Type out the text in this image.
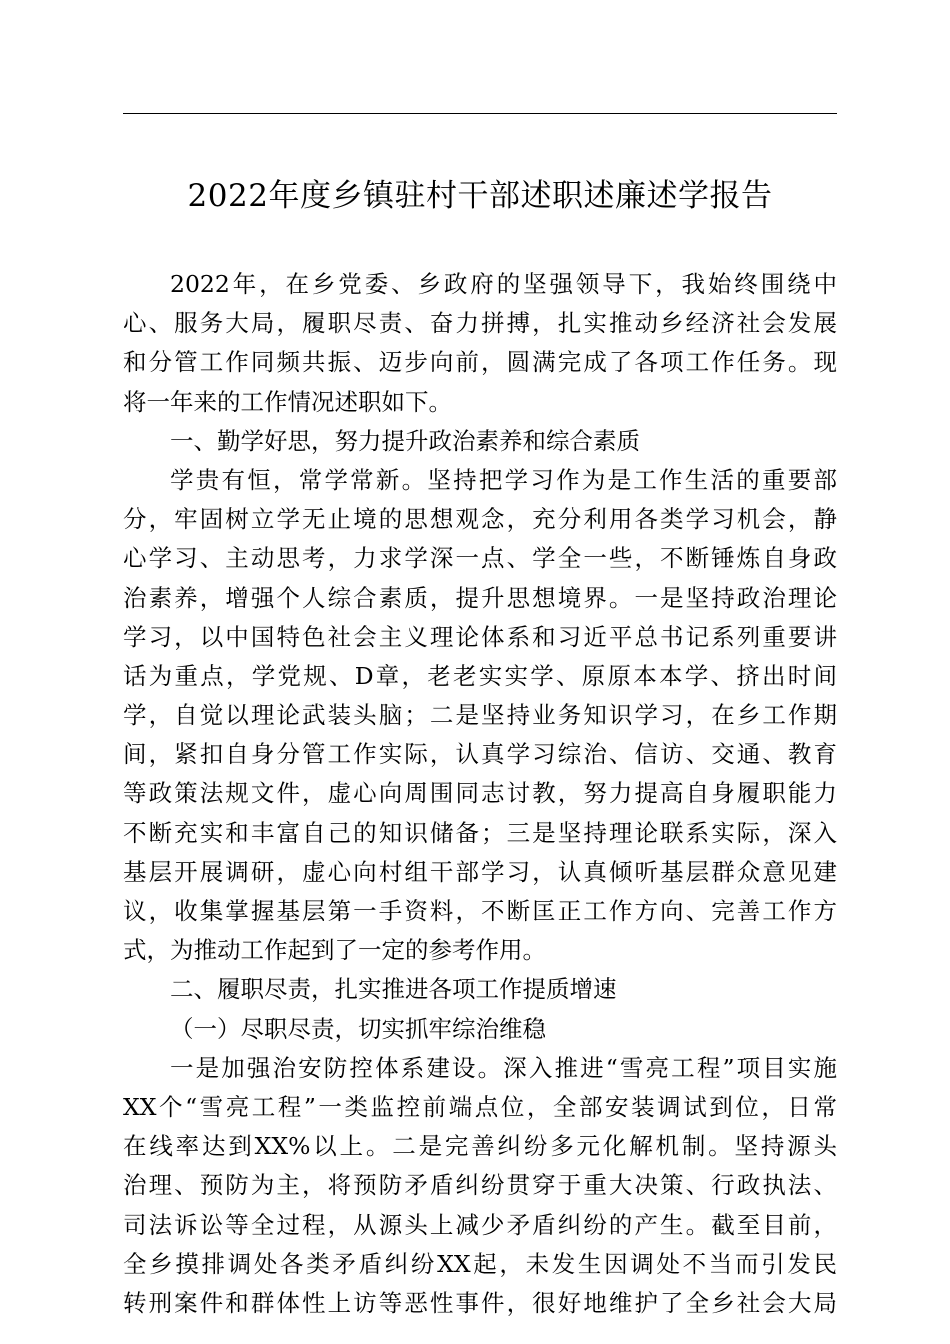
2022年度乡镇驻村干部述职述廉述学报告
2022年，在乡党委、乡政府的坚强领导下，我始终围绕中
心、服务大局，履职尽责、奋力拼搏，扎实推动乡经济社会发展
和分管工作同频共振、迈步向前，圆满完成了各项工作任务。现
将一年来的工作情况述职如下。
一、勤学好思，努力提升政治素养和综合素质
学贵有恒，常学常新。坚持把学习作为是工作生活的重要部
分，牢固树立学无止境的思想观念，充分利用各类学习机会，静
心学习、主动思考，力求学深一点、学全一些，不断锤炼自身政
治素养，增强个人综合素质，提升思想境界。一是坚持政治理论
学习，以中国特色社会主义理论体系和习近平总书记系列重要讲
话为重点，学党规、D章，老老实实学、原原本本学、挤出时间
学，自觉以理论武装头脑；二是坚持业务知识学习，在乡工作期
间，紧扣自身分管工作实际，认真学习综治、信访、交通、教育
等政策法规文件，虚心向周围同志讨教，努力提高自身履职能力
不断充实和丰富自己的知识储备；三是坚持理论联系实际，深入
基层开展调研，虚心向村组干部学习，认真倾听基层群众意见建
议，收集掌握基层第一手资料，不断匡正工作方向、完善工作方
式，为推动工作起到了一定的参考作用。
二、履职尽责，扎实推进各项工作提质增速
（一）尽职尽责，切实抓牢综治维稳
一是加强治安防控体系建设。深入推进“雪亮工程”项目实施
XX个“雪亮工程”一类监控前端点位，全部安装调试到位，日常
在线率达到XX%以上。二是完善纠纷多元化解机制。坚持源头
治理、预防为主，将预防矛盾纠纷贯穿于重大决策、行政执法、
司法诉讼等全过程，从源头上减少矛盾纠纷的产生。截至目前，
全乡摸排调处各类矛盾纠纷XX起，未发生因调处不当而引发民
转刑案件和群体性上访等恶性事件，很好地维护了全乡社会大局
